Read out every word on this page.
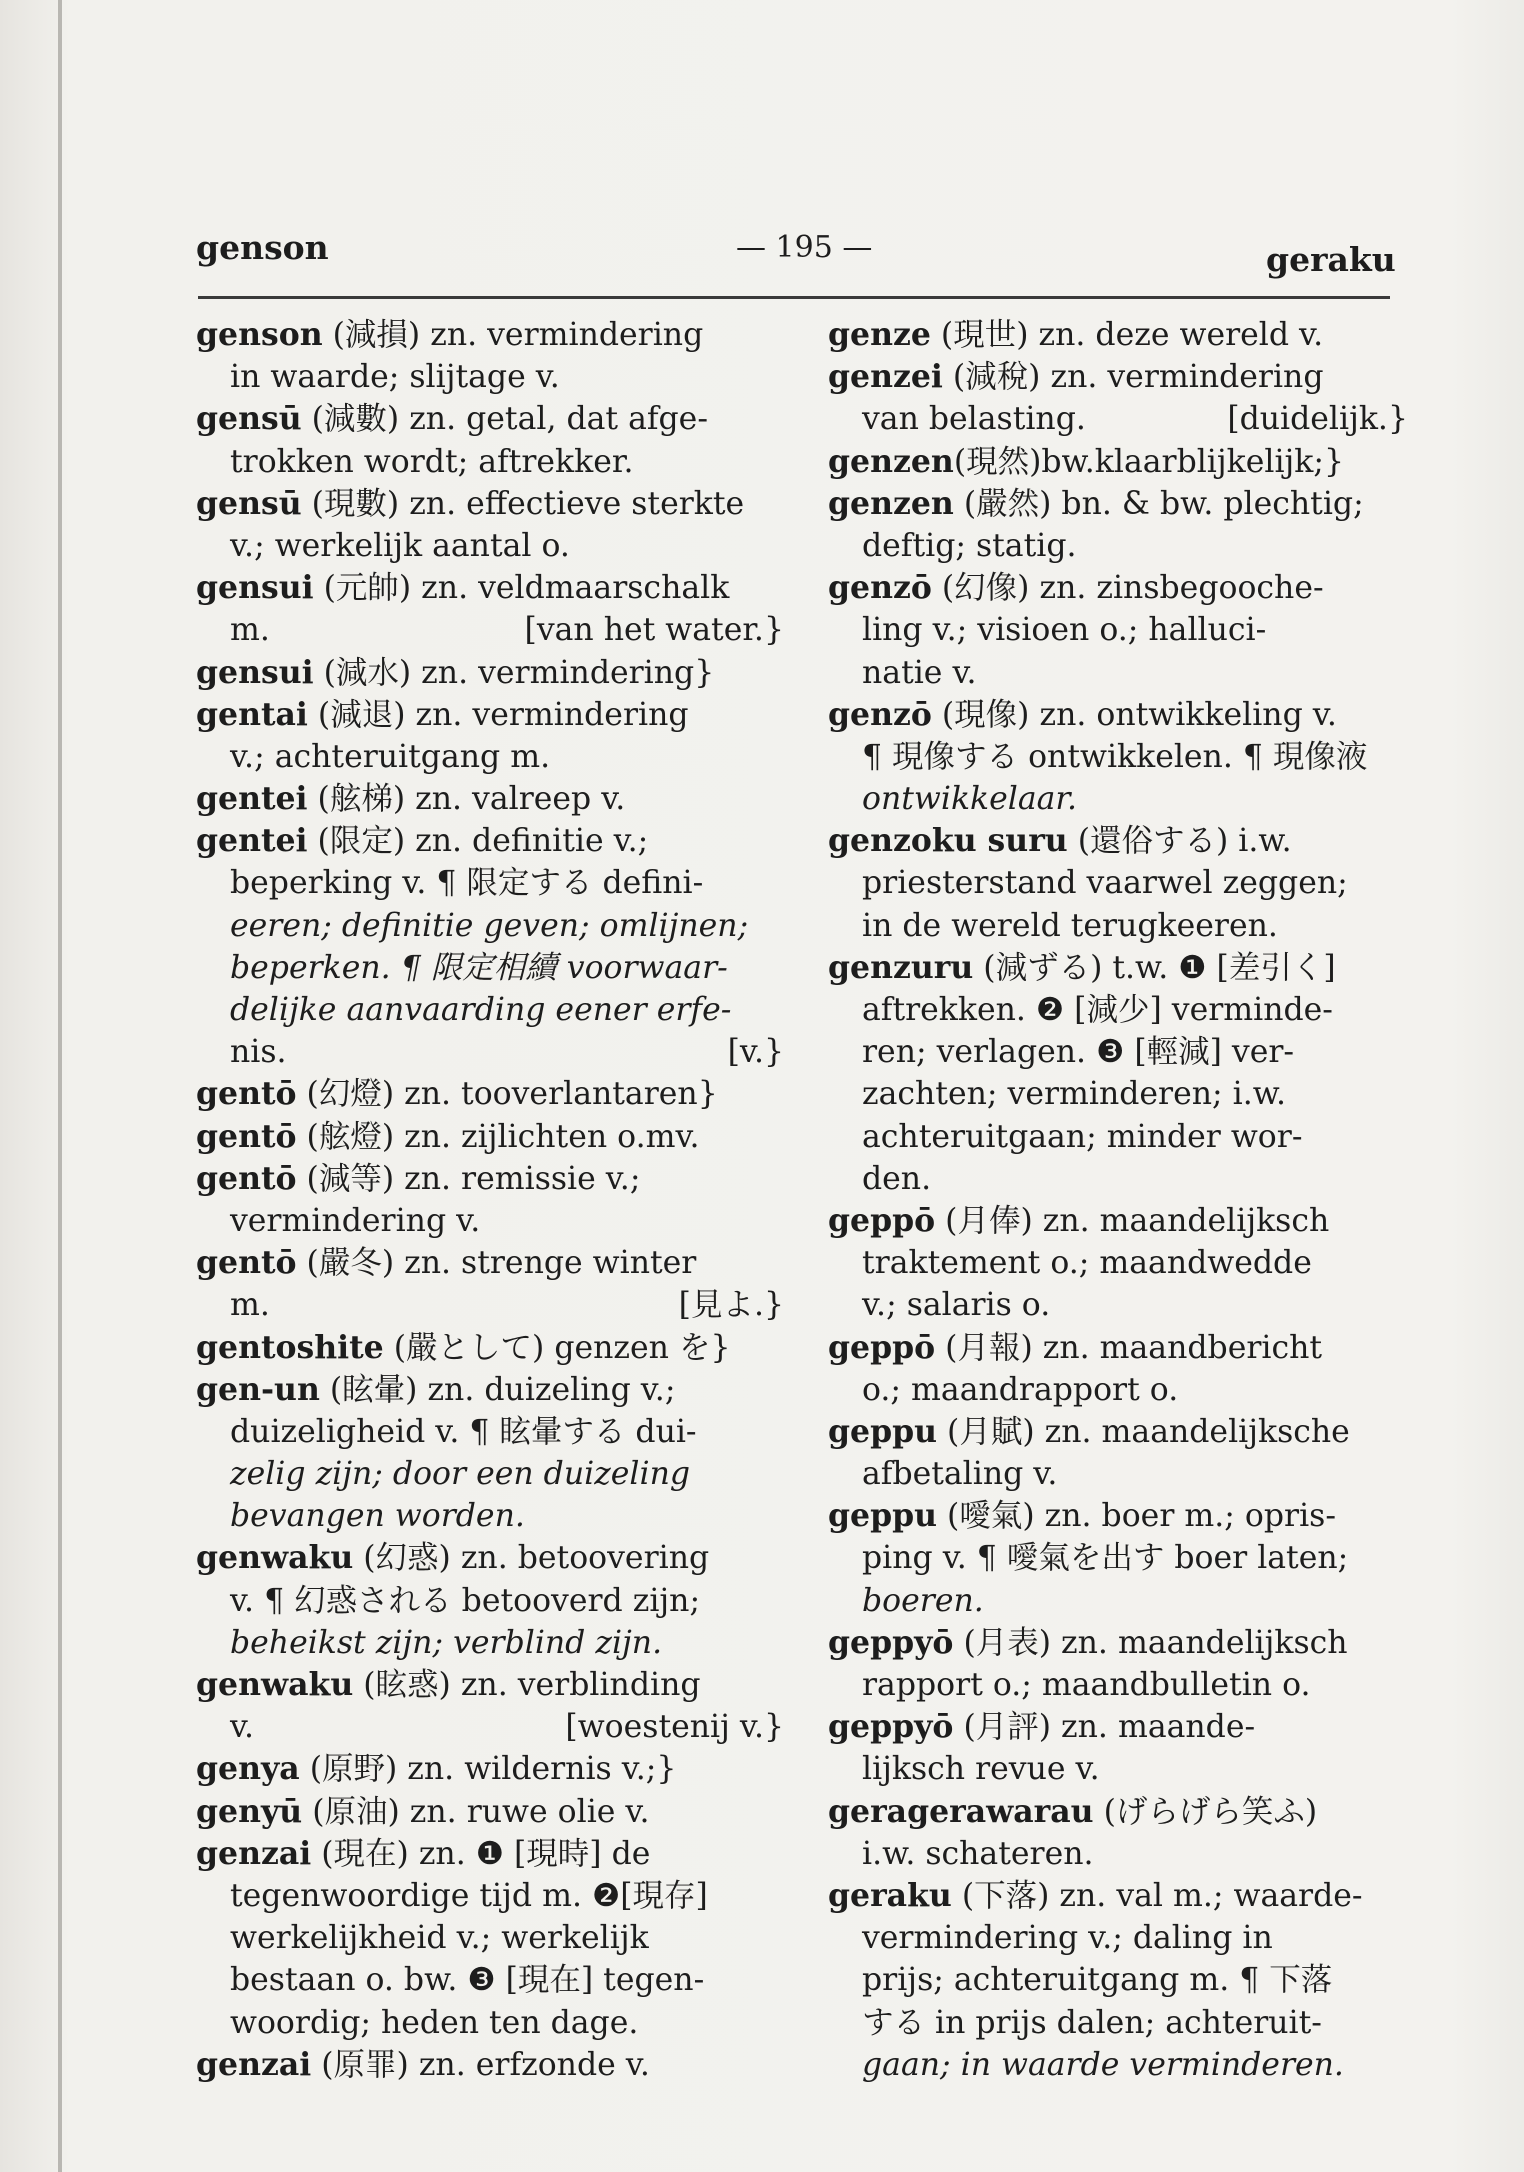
genson	— 195 —	geraku
genson (減損) zn. vermindering
in waarde; slijtage v.
gensū (減數) zn. getal, dat afge-
trokken wordt; aftrekker.
gensū (現數) zn. effectieve sterkte
v.; werkelijk aantal o.
gensui (元帥) zn. veldmaarschalk
m.	[van het water.}
gensui (減水) zn. vermindering}
gentai (減退) zn. vermindering
v.; achteruitgang m.
gentei (舷梯) zn. valreep v.
gentei (限定) zn. definitie v.;
beperking v. ¶ 限定する defini-
eeren; definitie geven; omlijnen;
beperken. ¶ 限定相續 voorwaar-
delijke aanvaarding eener erfe-
nis.	[v.}
gentō (幻燈) zn. tooverlantaren}
gentō (舷燈) zn. zijlichten o.mv.
gentō (減等) zn. remissie v.;
vermindering v.
gentō (嚴冬) zn. strenge winter
m.	[見よ.}
gentoshite (嚴として) genzen を}
gen-un (眩暈) zn. duizeling v.;
duizeligheid v. ¶ 眩暈する dui-
zelig zijn; door een duizeling
bevangen worden.
genwaku (幻惑) zn. betoovering
v. ¶ 幻惑される betooverd zijn;
beheikst zijn; verblind zijn.
genwaku (眩惑) zn. verblinding
v.	[woestenij v.}
genya (原野) zn. wildernis v.;}
genyū (原油) zn. ruwe olie v.
genzai (現在) zn. ❶ [現時] de
tegenwoordige tijd m. ❷[現存]
werkelijkheid v.; werkelijk
bestaan o. bw. ❸ [現在] tegen-
woordig; heden ten dage.
genzai (原罪) zn. erfzonde v.
genze (現世) zn. deze wereld v.
genzei (減稅) zn. vermindering
van belasting.	[duidelijk.}
genzen(現然)bw.klaarblijkelijk;}
genzen (嚴然) bn. & bw. plechtig;
deftig; statig.
genzō (幻像) zn. zinsbegooche-
ling v.; visioen o.; halluci-
natie v.
genzō (現像) zn. ontwikkeling v.
¶ 現像する ontwikkelen. ¶ 現像液
ontwikkelaar.
genzoku suru (還俗する) i.w.
priesterstand vaarwel zeggen;
in de wereld terugkeeren.
genzuru (減ずる) t.w. ❶ [差引く]
aftrekken. ❷ [減少] verminde-
ren; verlagen. ❸ [輕減] ver-
zachten; verminderen; i.w.
achteruitgaan; minder wor-
den.
geppō (月俸) zn. maandelijksch
traktement o.; maandwedde
v.; salaris o.
geppō (月報) zn. maandbericht
o.; maandrapport o.
geppu (月賦) zn. maandelijksche
afbetaling v.
geppu (噯氣) zn. boer m.; opris-
ping v. ¶ 噯氣を出す boer laten;
boeren.
geppyō (月表) zn. maandelijksch
rapport o.; maandbulletin o.
geppyō (月評) zn. maande-
lijksch revue v.
geragerawarau (げらげら笑ふ)
i.w. schateren.
geraku (下落) zn. val m.; waarde-
vermindering v.; daling in
prijs; achteruitgang m. ¶ 下落
する in prijs dalen; achteruit-
gaan; in waarde verminderen.
